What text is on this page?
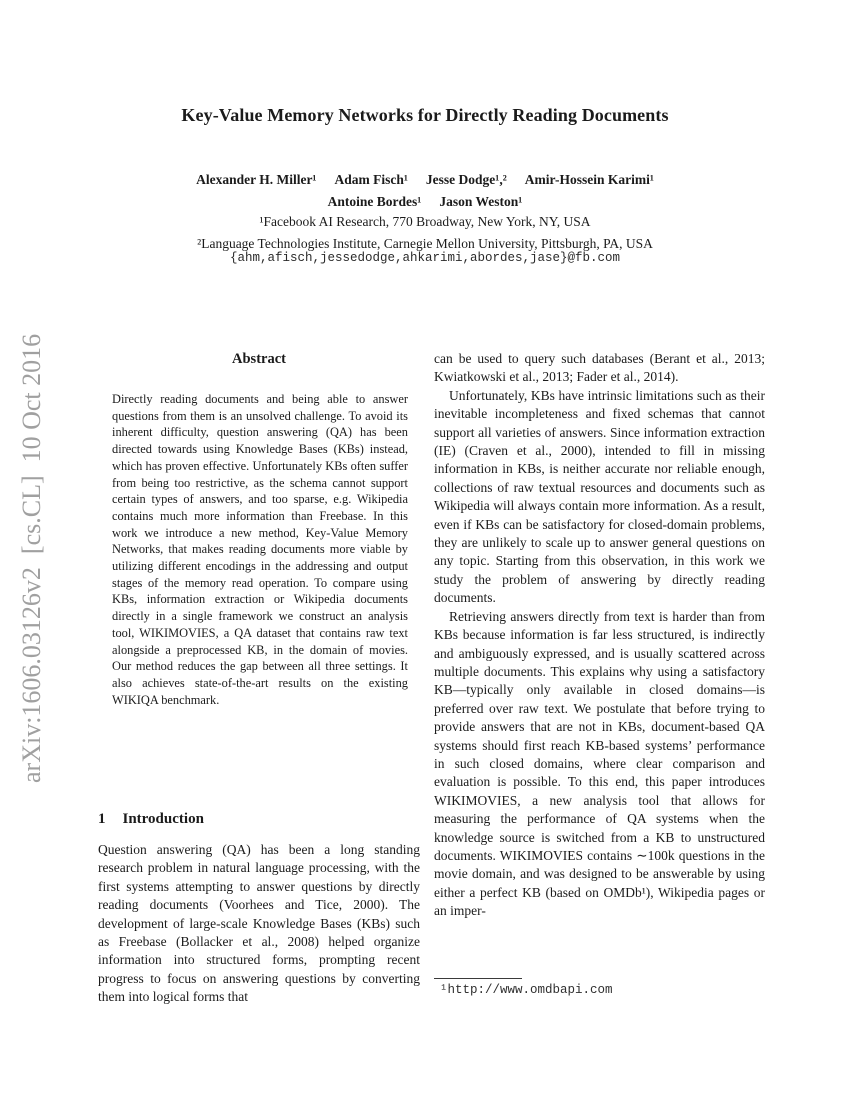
arXiv:1606.03126v2  [cs.CL]  10 Oct 2016
Key-Value Memory Networks for Directly Reading Documents
Alexander H. Miller¹ Adam Fisch¹ Jesse Dodge¹,² Amir-Hossein Karimi¹
Antoine Bordes¹ Jason Weston¹
¹Facebook AI Research, 770 Broadway, New York, NY, USA
²Language Technologies Institute, Carnegie Mellon University, Pittsburgh, PA, USA
{ahm,afisch,jessedodge,ahkarimi,abordes,jase}@fb.com
Abstract
Directly reading documents and being able to answer questions from them is an unsolved challenge. To avoid its inherent difficulty, question answering (QA) has been directed towards using Knowledge Bases (KBs) instead, which has proven effective. Unfortunately KBs often suffer from being too restrictive, as the schema cannot support certain types of answers, and too sparse, e.g. Wikipedia contains much more information than Freebase. In this work we introduce a new method, Key-Value Memory Networks, that makes reading documents more viable by utilizing different encodings in the addressing and output stages of the memory read operation. To compare using KBs, information extraction or Wikipedia documents directly in a single framework we construct an analysis tool, WIKIMOVIES, a QA dataset that contains raw text alongside a preprocessed KB, in the domain of movies. Our method reduces the gap between all three settings. It also achieves state-of-the-art results on the existing WIKIQA benchmark.
1 Introduction
Question answering (QA) has been a long standing research problem in natural language processing, with the first systems attempting to answer questions by directly reading documents (Voorhees and Tice, 2000). The development of large-scale Knowledge Bases (KBs) such as Freebase (Bollacker et al., 2008) helped organize information into structured forms, prompting recent progress to focus on answering questions by converting them into logical forms that

can be used to query such databases (Berant et al., 2013; Kwiatkowski et al., 2013; Fader et al., 2014).

Unfortunately, KBs have intrinsic limitations such as their inevitable incompleteness and fixed schemas that cannot support all varieties of answers. Since information extraction (IE) (Craven et al., 2000), intended to fill in missing information in KBs, is neither accurate nor reliable enough, collections of raw textual resources and documents such as Wikipedia will always contain more information. As a result, even if KBs can be satisfactory for closed-domain problems, they are unlikely to scale up to answer general questions on any topic. Starting from this observation, in this work we study the problem of answering by directly reading documents.

Retrieving answers directly from text is harder than from KBs because information is far less structured, is indirectly and ambiguously expressed, and is usually scattered across multiple documents. This explains why using a satisfactory KB—typically only available in closed domains—is preferred over raw text. We postulate that before trying to provide answers that are not in KBs, document-based QA systems should first reach KB-based systems’ performance in such closed domains, where clear comparison and evaluation is possible. To this end, this paper introduces WIKIMOVIES, a new analysis tool that allows for measuring the performance of QA systems when the knowledge source is switched from a KB to unstructured documents. WIKIMOVIES contains ∼100k questions in the movie domain, and was designed to be answerable by using either a perfect KB (based on OMDb¹), Wikipedia pages or an imper-

¹http://www.omdbapi.com
